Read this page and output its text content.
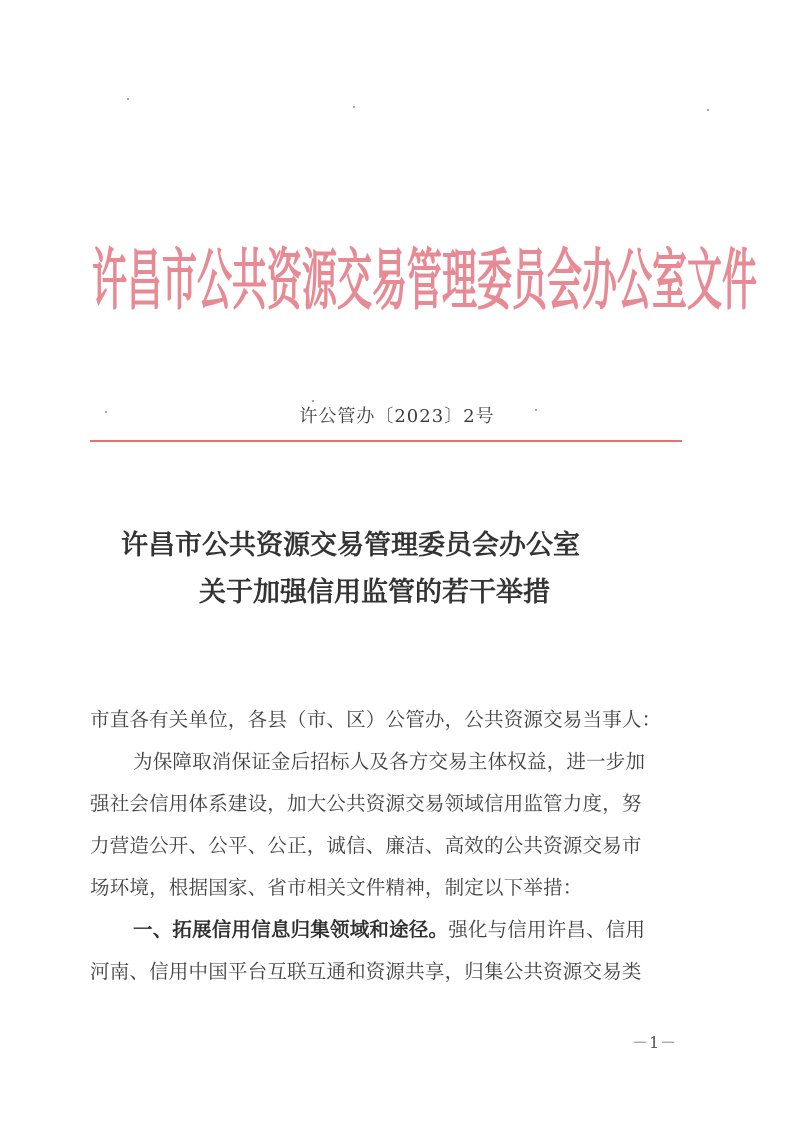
许昌市公共资源交易管理委员会办公室文件
许公管办〔2023〕2号
许昌市公共资源交易管理委员会办公室
关于加强信用监管的若干举措
市直各有关单位，各县（市、区）公管办，公共资源交易当事人：
为保障取消保证金后招标人及各方交易主体权益，进一步加
强社会信用体系建设，加大公共资源交易领域信用监管力度，努
力营造公开、公平、公正，诚信、廉洁、高效的公共资源交易市
场环境，根据国家、省市相关文件精神，制定以下举措：
一、拓展信用信息归集领域和途径。强化与信用许昌、信用
河南、信用中国平台互联互通和资源共享，归集公共资源交易类
－1－
